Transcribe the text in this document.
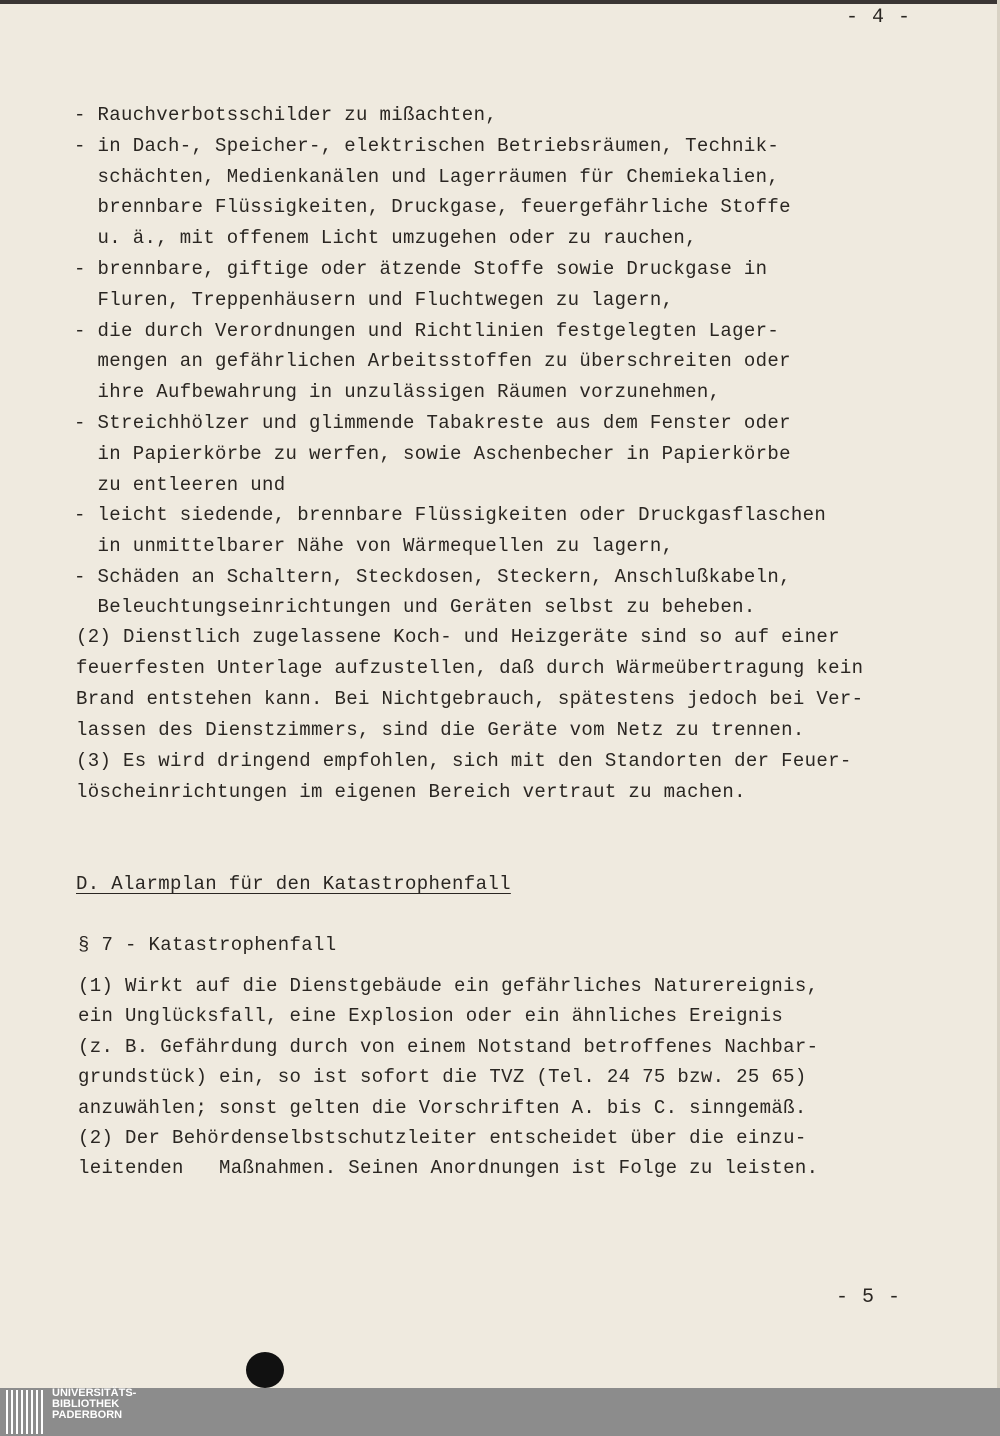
- 4 -
- Rauchverbotsschilder zu mißachten,
- in Dach-, Speicher-, elektrischen Betriebsräumen, Technik-
schächten, Medienkanälen und Lagerräumen für Chemiekalien,
brennbare Flüssigkeiten, Druckgase, feuergefährliche Stoffe
u. ä., mit offenem Licht umzugehen oder zu rauchen,
- brennbare, giftige oder ätzende Stoffe sowie Druckgase in
Fluren, Treppenhäusern und Fluchtwegen zu lagern,
- die durch Verordnungen und Richtlinien festgelegten Lager-
mengen an gefährlichen Arbeitsstoffen zu überschreiten oder
ihre Aufbewahrung in unzulässigen Räumen vorzunehmen,
- Streichhölzer und glimmende Tabakreste aus dem Fenster oder
in Papierkörbe zu werfen, sowie Aschenbecher in Papierkörbe
zu entleeren und
- leicht siedende, brennbare Flüssigkeiten oder Druckgasflaschen
in unmittelbarer Nähe von Wärmequellen zu lagern,
- Schäden an Schaltern, Steckdosen, Steckern, Anschlußkabeln,
Beleuchtungseinrichtungen und Geräten selbst zu beheben.
(2) Dienstlich zugelassene Koch- und Heizgeräte sind so auf einer
feuerfesten Unterlage aufzustellen, daß durch Wärmeübertragung kein
Brand entstehen kann. Bei Nichtgebrauch, spätestens jedoch bei Ver-
lassen des Dienstzimmers, sind die Geräte vom Netz zu trennen.
(3) Es wird dringend empfohlen, sich mit den Standorten der Feuer-
löscheinrichtungen im eigenen Bereich vertraut zu machen.
D. Alarmplan für den Katastrophenfall
§ 7 - Katastrophenfall
(1) Wirkt auf die Dienstgebäude ein gefährliches Naturereignis,
ein Unglücksfall, eine Explosion oder ein ähnliches Ereignis
(z. B. Gefährdung durch von einem Notstand betroffenes Nachbar-
grundstück) ein, so ist sofort die TVZ (Tel. 24 75 bzw. 25 65)
anzuwählen; sonst gelten die Vorschriften A. bis C. sinngemäß.
(2) Der Behördenselbstschutzleiter entscheidet über die einzu-
leitenden   Maßnahmen. Seinen Anordnungen ist Folge zu leisten.
- 5 -
UNIVERSITÄTS-
BIBLIOTHEK
PADERBORN
